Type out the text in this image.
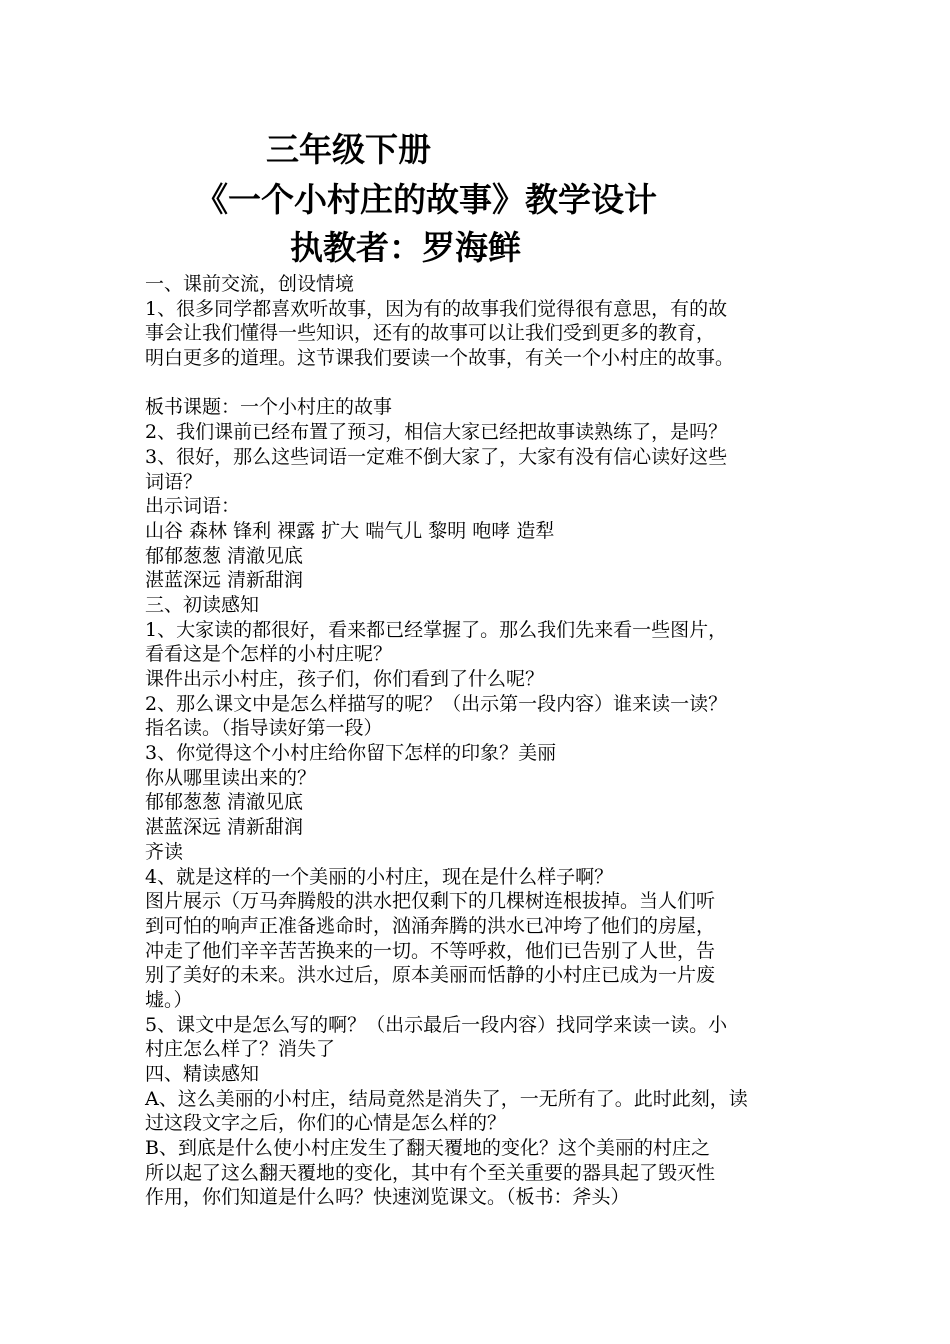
三年级下册
《一个小村庄的故事》教学设计
执教者：罗海鲜
一、课前交流，创设情境
1、很多同学都喜欢听故事，因为有的故事我们觉得很有意思，有的故
事会让我们懂得一些知识，还有的故事可以让我们受到更多的教育，
明白更多的道理。这节课我们要读一个故事，有关一个小村庄的故事。
板书课题：一个小村庄的故事
2、我们课前已经布置了预习，相信大家已经把故事读熟练了，是吗？
3、很好，那么这些词语一定难不倒大家了，大家有没有信心读好这些
词语？
出示词语：
山谷 森林 锋利 裸露 扩大 喘气儿 黎明 咆哮 造犁
郁郁葱葱 清澈见底
湛蓝深远 清新甜润
三、初读感知
1、大家读的都很好，看来都已经掌握了。那么我们先来看一些图片，
看看这是个怎样的小村庄呢？
课件出示小村庄，孩子们，你们看到了什么呢？
2、那么课文中是怎么样描写的呢？（出示第一段内容）谁来读一读？
指名读。（指导读好第一段）
3、你觉得这个小村庄给你留下怎样的印象？美丽
你从哪里读出来的？
郁郁葱葱 清澈见底
湛蓝深远 清新甜润
齐读
4、就是这样的一个美丽的小村庄，现在是什么样子啊？
图片展示（万马奔腾般的洪水把仅剩下的几棵树连根拔掉。当人们听
到可怕的响声正准备逃命时，汹涌奔腾的洪水已冲垮了他们的房屋，
冲走了他们辛辛苦苦换来的一切。不等呼救，他们已告别了人世，告
别了美好的未来。洪水过后，原本美丽而恬静的小村庄已成为一片废
墟。）
5、课文中是怎么写的啊？（出示最后一段内容）找同学来读一读。小
村庄怎么样了？消失了
四、精读感知
A、这么美丽的小村庄，结局竟然是消失了，一无所有了。此时此刻，读
过这段文字之后，你们的心情是怎么样的？
B、到底是什么使小村庄发生了翻天覆地的变化？这个美丽的村庄之
所以起了这么翻天覆地的变化，其中有个至关重要的器具起了毁灭性
作用，你们知道是什么吗？快速浏览课文。（板书：斧头）
